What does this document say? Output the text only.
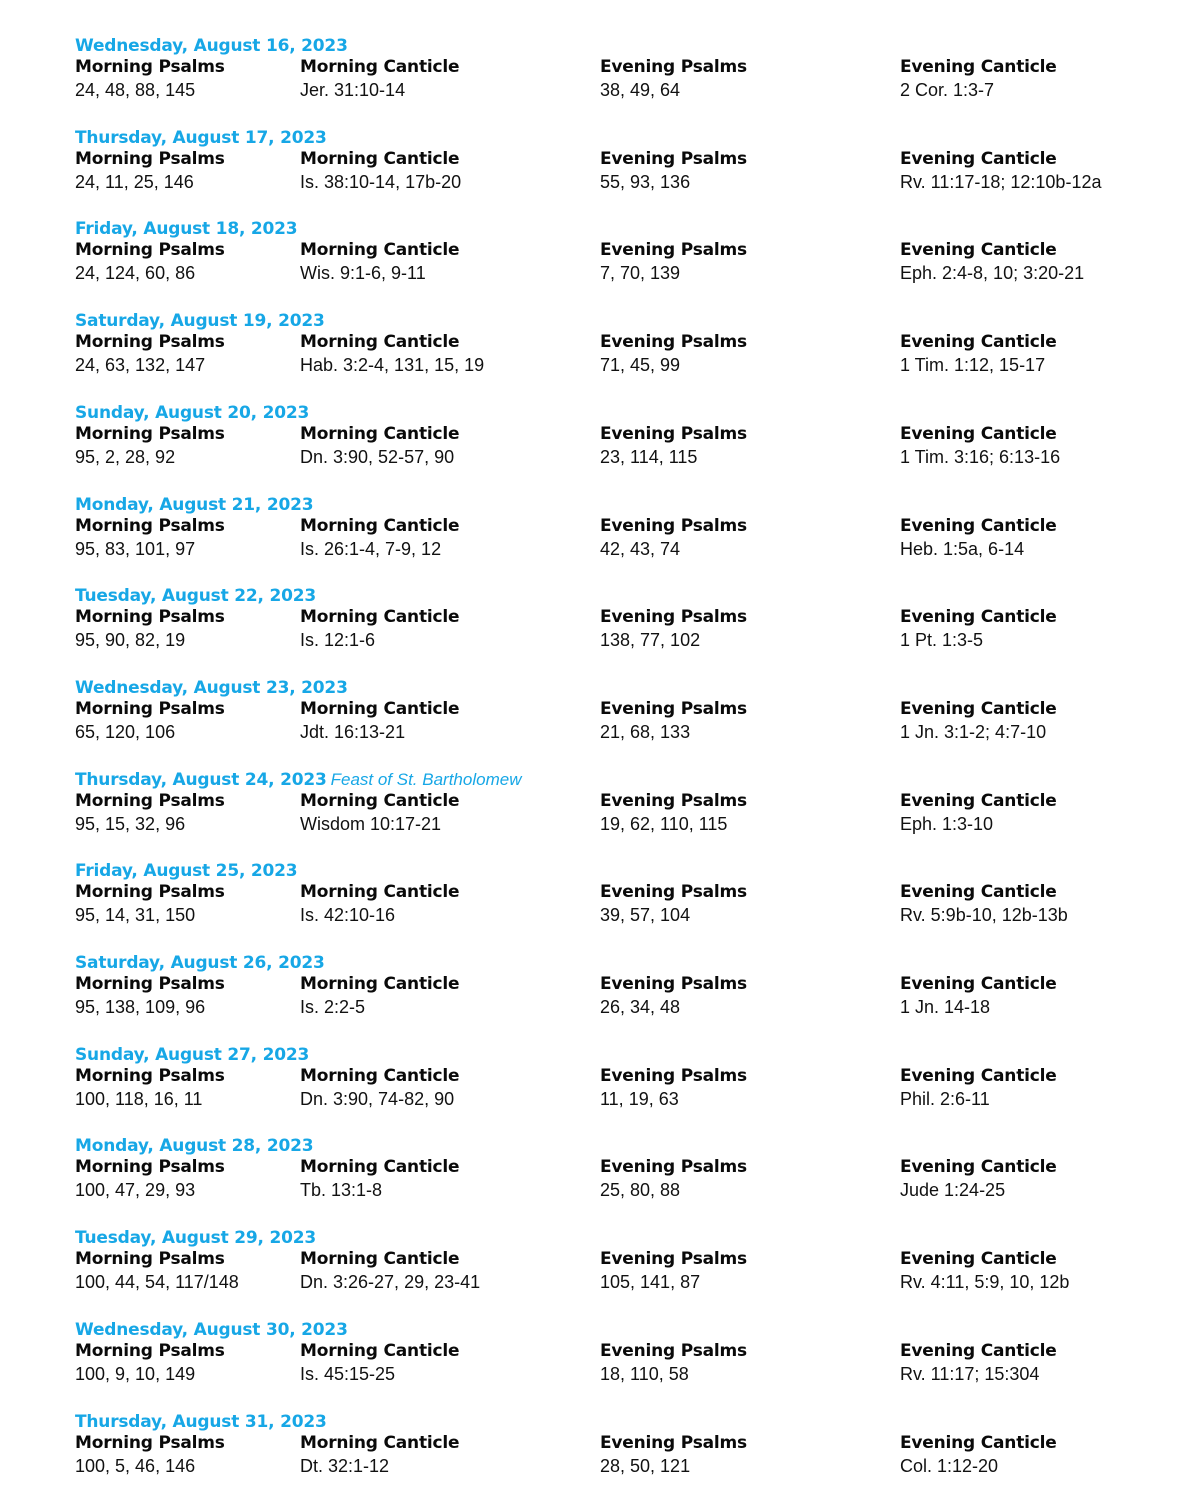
Wednesday, August 16, 2023
Morning Psalms
24, 48, 88, 145
Morning Canticle
Jer. 31:10-14
Evening Psalms
38, 49, 64
Evening Canticle
2 Cor. 1:3-7
Thursday, August 17, 2023
Morning Psalms
24, 11, 25, 146
Morning Canticle
Is. 38:10-14, 17b-20
Evening Psalms
55, 93, 136
Evening Canticle
Rv. 11:17-18; 12:10b-12a
Friday, August 18, 2023
Morning Psalms
24, 124, 60, 86
Morning Canticle
Wis. 9:1-6, 9-11
Evening Psalms
7, 70, 139
Evening Canticle
Eph. 2:4-8, 10; 3:20-21
Saturday, August 19, 2023
Morning Psalms
24, 63, 132, 147
Morning Canticle
Hab. 3:2-4, 131, 15, 19
Evening Psalms
71, 45, 99
Evening Canticle
1 Tim. 1:12, 15-17
Sunday, August 20, 2023
Morning Psalms
95, 2, 28, 92
Morning Canticle
Dn. 3:90, 52-57, 90
Evening Psalms
23, 114, 115
Evening Canticle
1 Tim. 3:16; 6:13-16
Monday, August 21, 2023
Morning Psalms
95, 83, 101, 97
Morning Canticle
Is. 26:1-4, 7-9, 12
Evening Psalms
42, 43, 74
Evening Canticle
Heb. 1:5a, 6-14
Tuesday, August 22, 2023
Morning Psalms
95, 90, 82, 19
Morning Canticle
Is. 12:1-6
Evening Psalms
138, 77, 102
Evening Canticle
1 Pt. 1:3-5
Wednesday, August 23, 2023
Morning Psalms
65, 120, 106
Morning Canticle
Jdt. 16:13-21
Evening Psalms
21, 68, 133
Evening Canticle
1 Jn. 3:1-2; 4:7-10
Thursday, August 24, 2023 Feast of St. Bartholomew
Morning Psalms
95, 15, 32, 96
Morning Canticle
Wisdom 10:17-21
Evening Psalms
19, 62, 110, 115
Evening Canticle
Eph. 1:3-10
Friday, August 25, 2023
Morning Psalms
95, 14, 31, 150
Morning Canticle
Is. 42:10-16
Evening Psalms
39, 57, 104
Evening Canticle
Rv. 5:9b-10, 12b-13b
Saturday, August 26, 2023
Morning Psalms
95, 138, 109, 96
Morning Canticle
Is. 2:2-5
Evening Psalms
26, 34, 48
Evening Canticle
1 Jn. 14-18
Sunday, August 27, 2023
Morning Psalms
100, 118, 16, 11
Morning Canticle
Dn. 3:90, 74-82, 90
Evening Psalms
11, 19, 63
Evening Canticle
Phil. 2:6-11
Monday, August 28, 2023
Morning Psalms
100, 47, 29, 93
Morning Canticle
Tb. 13:1-8
Evening Psalms
25, 80, 88
Evening Canticle
Jude 1:24-25
Tuesday, August 29, 2023
Morning Psalms
100, 44, 54, 117/148
Morning Canticle
Dn. 3:26-27, 29, 23-41
Evening Psalms
105, 141, 87
Evening Canticle
Rv. 4:11, 5:9, 10, 12b
Wednesday, August 30, 2023
Morning Psalms
100, 9, 10, 149
Morning Canticle
Is. 45:15-25
Evening Psalms
18, 110, 58
Evening Canticle
Rv. 11:17; 15:304
Thursday, August 31, 2023
Morning Psalms
100, 5, 46, 146
Morning Canticle
Dt. 32:1-12
Evening Psalms
28, 50, 121
Evening Canticle
Col. 1:12-20
